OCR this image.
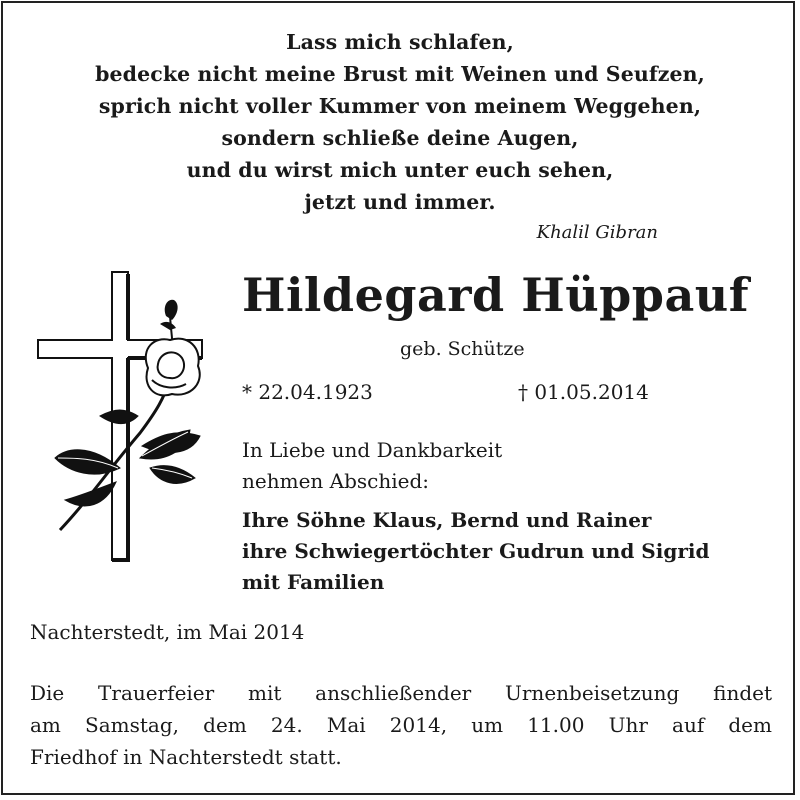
Lass mich schlafen,
bedecke nicht meine Brust mit Weinen und Seufzen,
sprich nicht voller Kummer von meinem Weggehen,
sondern schließe deine Augen,
und du wirst mich unter euch sehen,
jetzt und immer.
Khalil Gibran
Hildegard Hüppauf
geb. Schütze
* 22.04.1923	† 01.05.2014
In Liebe und Dankbarkeit
nehmen Abschied:
Ihre Söhne Klaus, Bernd und Rainer
ihre Schwiegertöchter Gudrun und Sigrid
mit Familien
Nachterstedt, im Mai 2014
Die Trauerfeier mit anschließender Urnenbeisetzung findet
am Samstag, dem 24. Mai 2014, um 11.00 Uhr auf dem
Friedhof in Nachterstedt statt.
